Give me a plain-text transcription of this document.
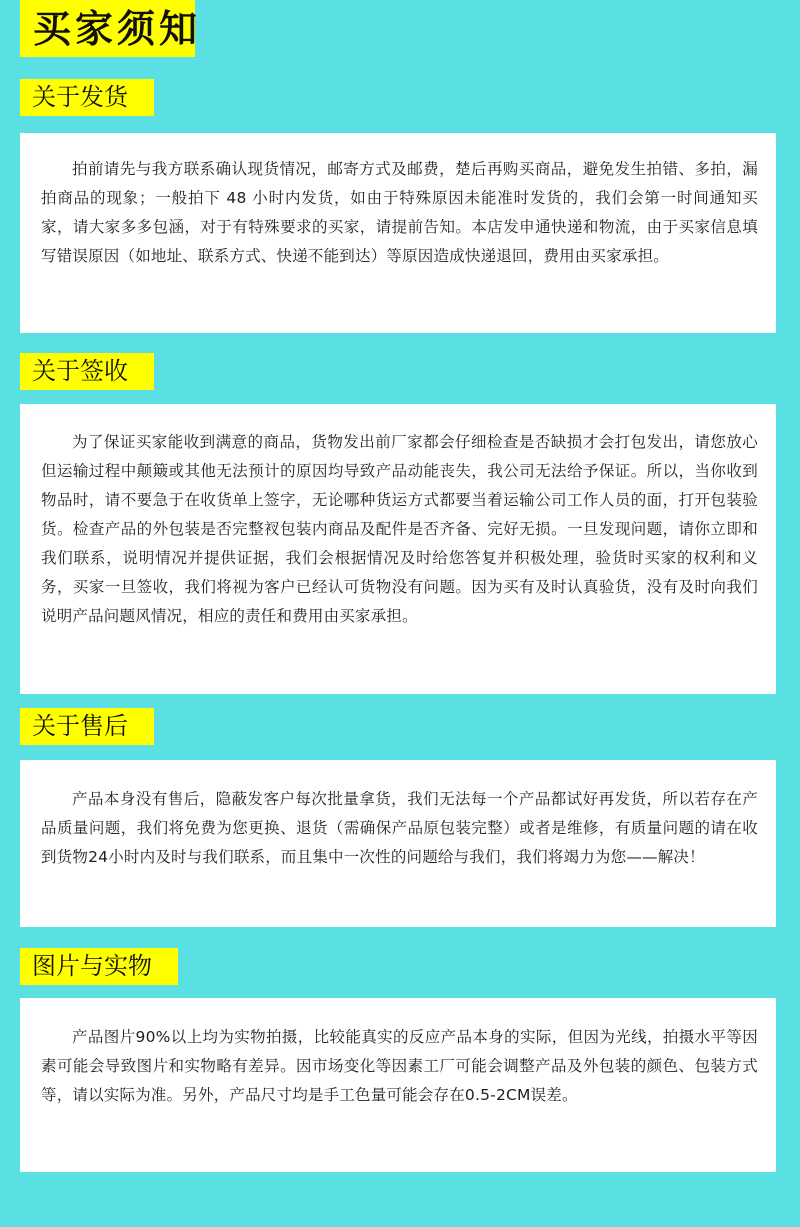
买家须知
关于发货

拍前请先与我方联系确认现货情况，邮寄方式及邮费，楚后再购买商品，避免发生拍错、多拍，漏拍商品的现象；一般拍下 48 小时内发货，如由于特殊原因未能准时发货的，我们会第一时间通知买家，请大家多多包涵，对于有特殊要求的买家，请提前告知。本店发申通快递和物流，由于买家信息填写错误原因（如地址、联系方式、快递不能到达）等原因造成快递退回，费用由买家承担。

关于签收

为了保证买家能收到满意的商品，货物发出前厂家都会仔细检查是否缺损才会打包发出，请您放心但运输过程中颠簸或其他无法预计的原因均导致产品动能丧失，我公司无法给予保证。所以，当你收到物品时，请不要急于在收货单上签字，无论哪种货运方式都要当着运输公司工作人员的面，打开包装验货。检查产品的外包装是否完整衩包装内商品及配件是否齐备、完好无损。一旦发现问题，请你立即和我们联系，说明情况并提供证据，我们会根据情况及时给您答复并积极处理，验货时买家的权利和义务，买家一旦签收，我们将视为客户已经认可货物没有问题。因为买有及时认真验货，没有及时向我们说明产品问题风情况，相应的责任和费用由买家承担。

关于售后

产品本身没有售后，隐蔽发客户每次批量拿货，我们无法每一个产品都试好再发货，所以若存在产品质量问题，我们将免费为您更换、退货（需确保产品原包装完整）或者是维修，有质量问题的请在收到货物24小时内及时与我们联系，而且集中一次性的问题给与我们，我们将竭力为您——解决！

图片与实物

产品图片90%以上均为实物拍摄，比较能真实的反应产品本身的实际，但因为光线，拍摄水平等因素可能会导致图片和实物略有差异。因市场变化等因素工厂可能会调整产品及外包装的颜色、包装方式等，请以实际为准。另外，产品尺寸均是手工色量可能会存在0.5-2CM误差。
